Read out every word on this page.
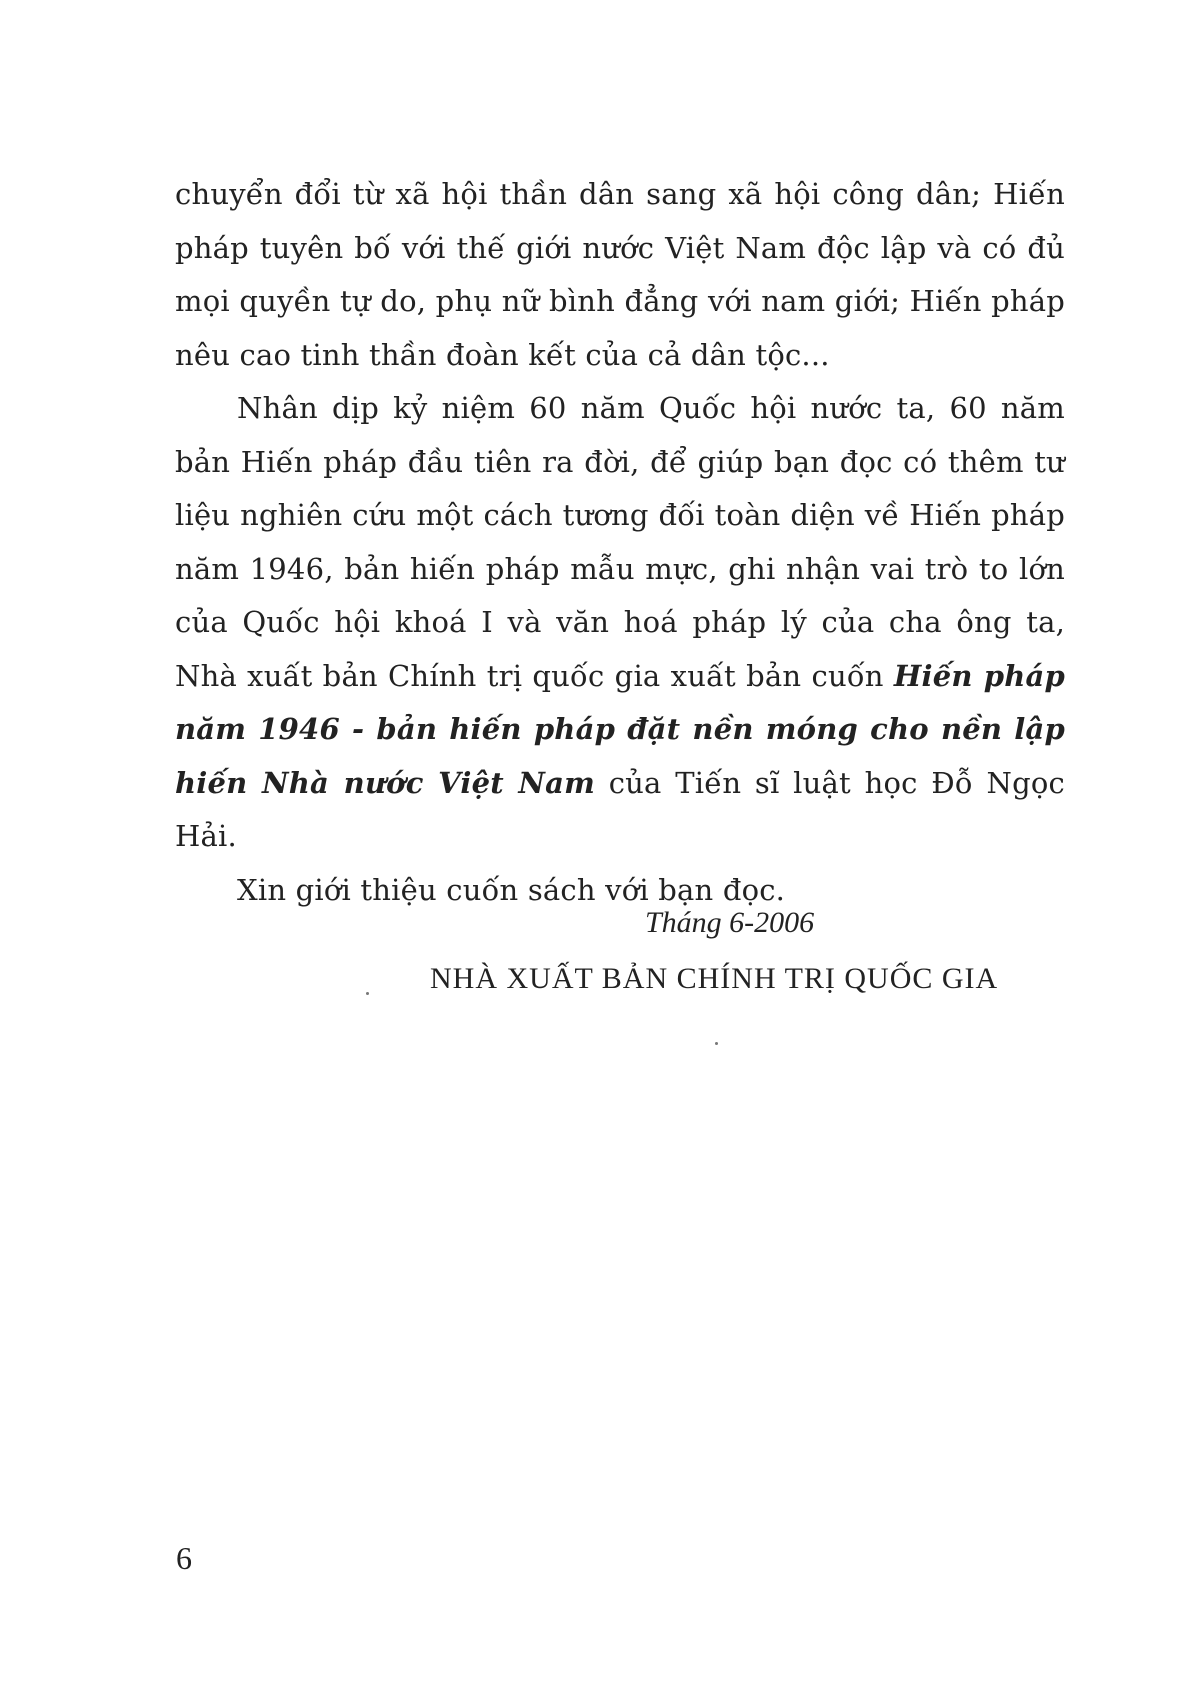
chuyển đổi từ xã hội thần dân sang xã hội công dân; Hiến pháp tuyên bố với thế giới nước Việt Nam độc lập và có đủ mọi quyền tự do, phụ nữ bình đẳng với nam giới; Hiến pháp nêu cao tinh thần đoàn kết của cả dân tộc...

Nhân dịp kỷ niệm 60 năm Quốc hội nước ta, 60 năm bản Hiến pháp đầu tiên ra đời, để giúp bạn đọc có thêm tư liệu nghiên cứu một cách tương đối toàn diện về Hiến pháp năm 1946, bản hiến pháp mẫu mực, ghi nhận vai trò to lớn của Quốc hội khoá I và văn hoá pháp lý của cha ông ta, Nhà xuất bản Chính trị quốc gia xuất bản cuốn Hiến pháp năm 1946 - bản hiến pháp đặt nền móng cho nền lập hiến Nhà nước Việt Nam của Tiến sĩ luật học Đỗ Ngọc Hải.

Xin giới thiệu cuốn sách với bạn đọc.

Tháng 6-2006
NHÀ XUẤT BẢN CHÍNH TRỊ QUỐC GIA
6
